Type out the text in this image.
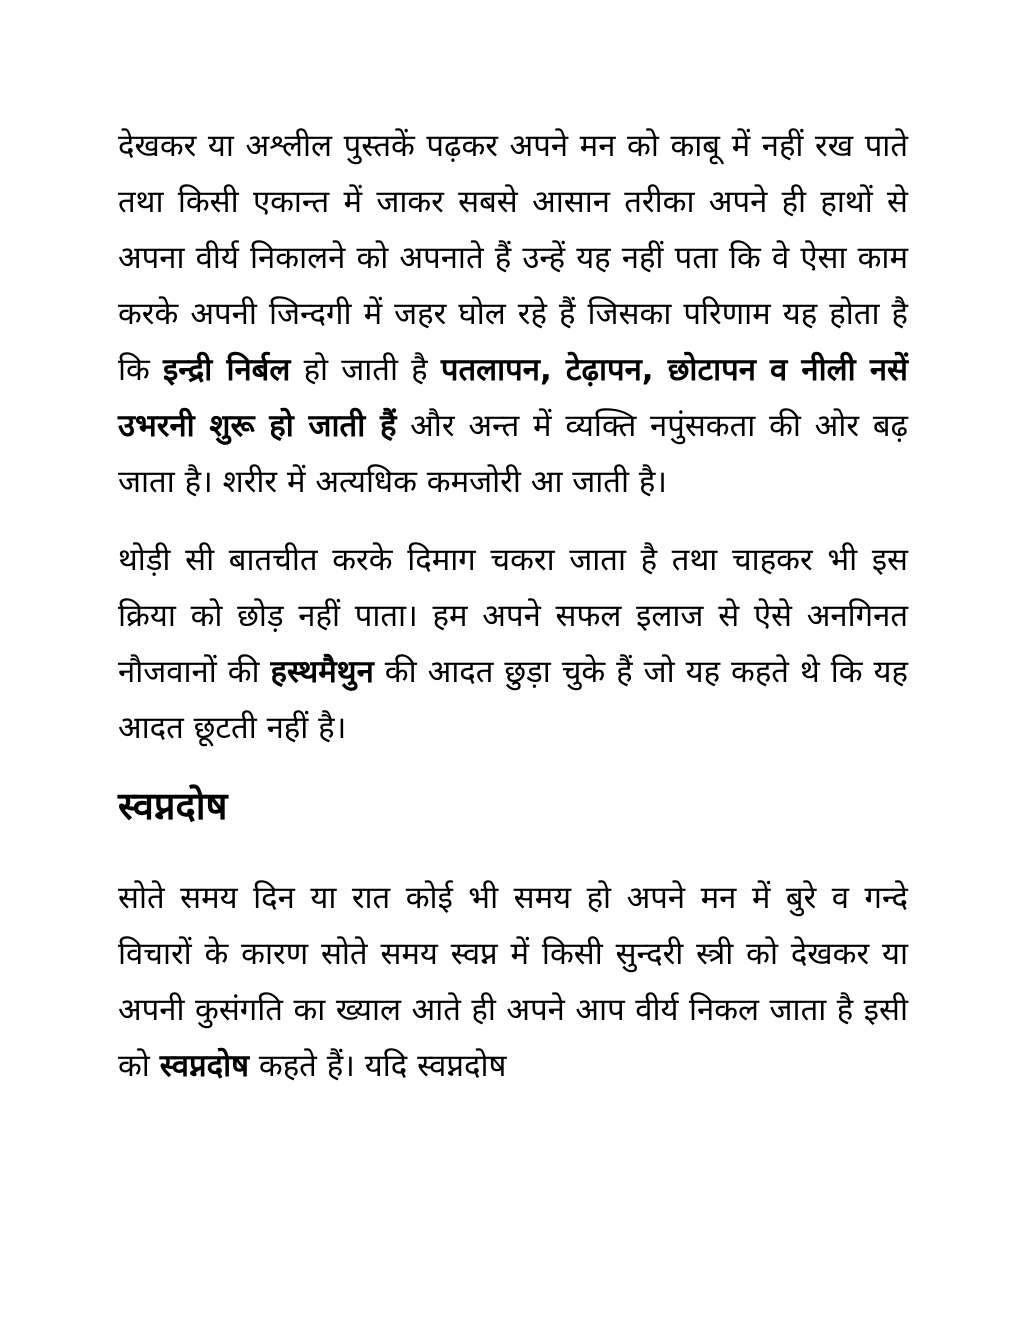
देखकर या अश्लील पुस्तकें पढ़कर अपने मन को काबू में नहीं रख पाते तथा किसी एकान्त में जाकर सबसे आसान तरीका अपने ही हाथों से अपना वीर्य निकालने को अपनाते हैं उन्हें यह नहीं पता कि वे ऐसा काम करके अपनी जिन्दगी में जहर घोल रहे हैं जिसका परिणाम यह होता है कि इन्द्री निर्बल हो जाती है पतलापन, टेढ़ापन, छोटापन व नीली नसें उभरनी शुरू हो जाती हैं और अन्त में व्यक्ति नपुंसकता की ओर बढ़ जाता है। शरीर में अत्यधिक कमजोरी आ जाती है।

थोड़ी सी बातचीत करके दिमाग चकरा जाता है तथा चाहकर भी इस क्रिया को छोड़ नहीं पाता। हम अपने सफल इलाज से ऐसे अनगिनत नौजवानों की हस्थमैथुन की आदत छुड़ा चुके हैं जो यह कहते थे कि यह आदत छूटती नहीं है।

स्वप्नदोष

सोते समय दिन या रात कोई भी समय हो अपने मन में बुरे व गन्दे विचारों के कारण सोते समय स्वप्न में किसी सुन्दरी स्त्री को देखकर या अपनी कुसंगति का ख्याल आते ही अपने आप वीर्य निकल जाता है इसी को स्वप्नदोष कहते हैं। यदि स्वप्नदोष
